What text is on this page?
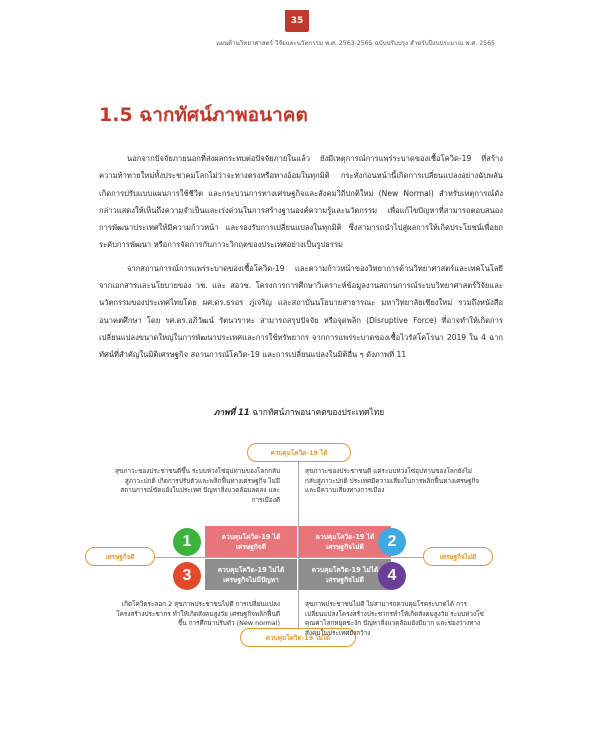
35
แผนด้านวิทยาศาสตร์ วิจัยและนวัตกรรม พ.ศ. 2563-2565 ฉบับปรับปรุง สำหรับปีงบประมาณ พ.ศ. 2565
1.5 ฉากทัศน์ภาพอนาคต

นอกจากปัจจัยภายนอกที่ส่งผลกระทบต่อปัจจัยภายในแล้ว ยังมีเหตุการณ์การแพร่ระบาดของเชื้อโควิด-19 ที่สร้างความท้าทายใหม่ทั้งประชาคมโลกไม่ว่าจะทางตรงหรือทางอ้อมในทุกมิติ กระทั่งก่อนหน้านี้เกิดการเปลี่ยนแปลงอย่างฉับพลัน เกิดการปรับแบบแผนการใช้ชีวิต และกระบวนการทางเศรษฐกิจและสังคมวิถีปกติใหม่ (New Normal) สำหรับเหตุการณ์ดังกล่าวแสดงให้เห็นถึงความจำเป็นและเร่งด่วนในการสร้างฐานองค์ความรู้และนวัตกรรม เพื่อแก้ไขปัญหาที่สามารถตอบสนองการพัฒนาประเทศให้มีความก้าวหน้า และรองรับการเปลี่ยนแปลงในทุกมิติ ซึ่งสามารถนำไปสู่ผลการให้เกิดประโยชน์เพื่อยกระดับการพัฒนา หรือการจัดการกับภาวะวิกฤตของประเทศอย่างเป็นรูปธรรม

จากสถานการณ์การแพร่ระบาดของเชื้อโควิด-19 และความก้าวหน้าของวิทยาการด้านวิทยาศาสตร์และเทคโนโลยี จากเอกสารและนโยบายของ วช. และ สอวช. โครงการการศึกษาวิเคราะห์ข้อมูลงานสถานการณ์ระบบวิทยาศาสตร์วิจัยและนวัตกรรมของประเทศไทยโดย ผศ.ดร.ธรอร ภู่เจริญ และสถาบันนโยบายสาธารณะ มหาวิทยาลัยเชียงใหม่ รวมถึงหนังสือ อนาคตศึกษา โดย รศ.ดร.อภิวัฒน์ รัตนวราหะ สามารถสรุปปัจจัย หรือจุดพลิก (Disruptive Force) ที่อาจทำให้เกิดการเปลี่ยนแปลงขนาดใหญ่ในการพัฒนาประเทศและการใช้ทรัพยากร จากการแพร่ระบาดของเชื้อไวรัสโคโรนา 2019 ใน 4 ฉากทัศน์ที่สำคัญในมิติเศรษฐกิจ สถานการณ์โควิด-19 และการเปลี่ยนแปลงในมิติอื่น ๆ ดังภาพที่ 11

ภาพที่ 11 ฉากทัศน์ภาพอนาคตของประเทศไทย
ควบคุมโควิด-19 ได้
ควบคุมโควิด-19 ไม่ได้
เศรษฐกิจดี	เศรษฐกิจไม่ดี

สุขภาวะของประชาชนดีขึ้น ระบบห่วงโซ่อุปทานของโลกกลับสู่ภาวะปกติ เกิดการปรับตัวและพลิกฟื้นทางเศรษฐกิจ ไม่มีสถานการณ์ขัดแย้งในประเทศ ปัญหาสิ่งแวดล้อมลดลง และการเมืองดี

สุขภาวะของประชาชนดี แต่ระบบห่วงโซ่อุปทานของโลกยังไม่กลับสู่ภาวะปกติ ประเทศมีความเสี่ยงในการพลิกฟื้นทางเศรษฐกิจ และมีความเสี่ยงทางการเมือง

เกิดโควิดระลอก 2 สุขภาพประชาชนไม่ดี การเปลี่ยนแปลงโครงสร้างประชากร ทำให้เกิดสังคมสูงวัย เศรษฐกิจพลิกฟื้นดีขึ้น การศึกษาปรับตัว (New normal)

สุขภาพประชาชนไม่ดี ไม่สามารถควบคุมโรคระบาดได้ การเปลี่ยนแปลงโครงสร้างประชากรทำให้เกิดสังคมสูงวัย ระบบห่วงโซ่คุณค่าโลกหยุดชะงัก ปัญหาสิ่งแวดล้อมยังมีมาก และช่องว่างทางสังคมในประเทศยังกว้าง

ควบคุมโควิด-19 ได้
เศรษฐกิจดี
ควบคุมโควิด-19 ได้
เศรษฐกิจไม่ดี
ควบคุมโควิด-19 ไม่ได้
เศรษฐกิจไม่มีปัญหา
ควบคุมโควิด-19 ไม่ได้
เศรษฐกิจไม่ดี
1	2
3	4
